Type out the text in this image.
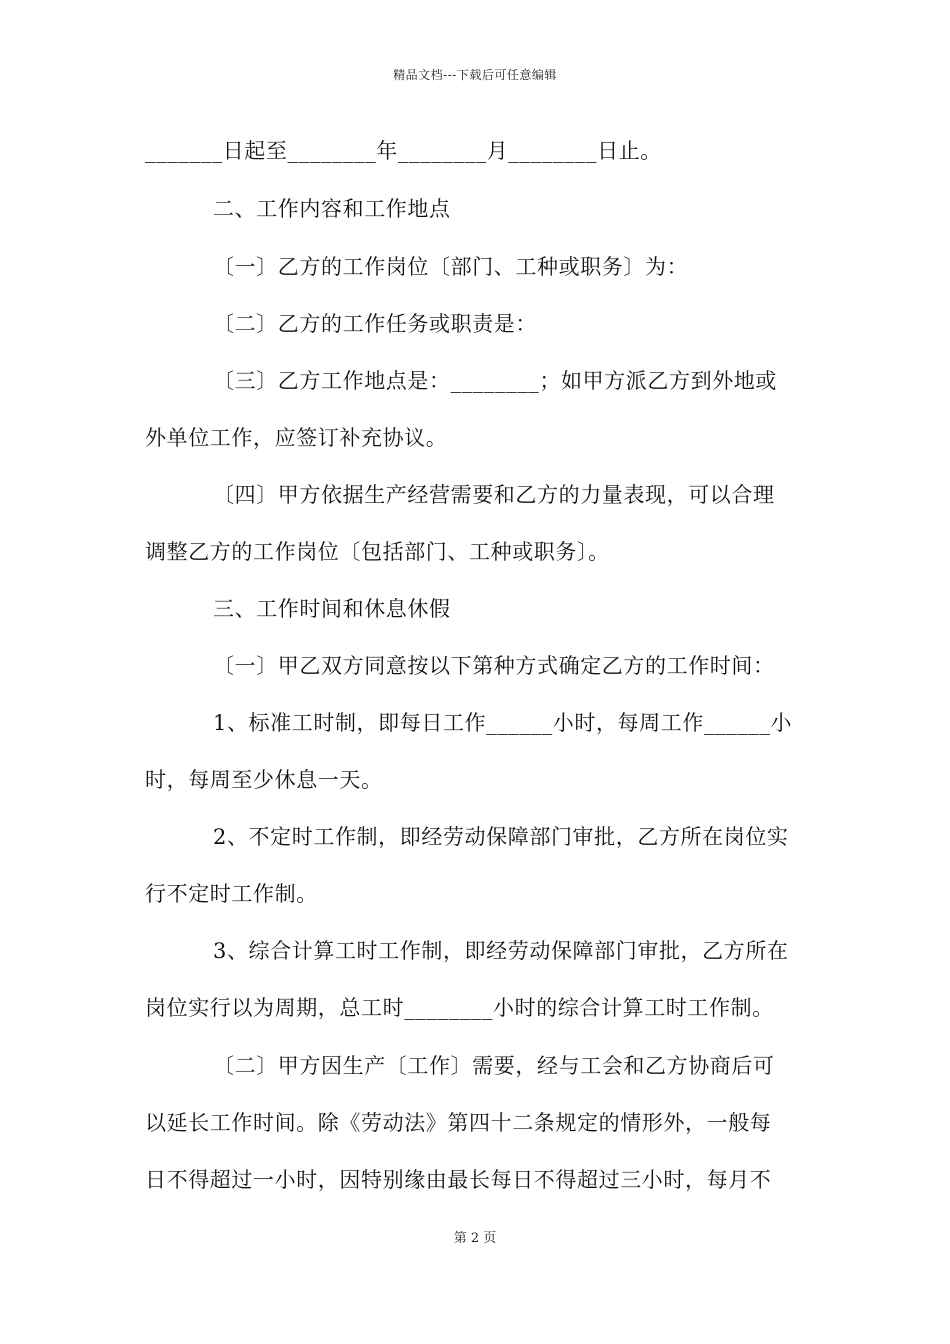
精品文档---下载后可任意编辑
_______日起至________年________月________日止。
二、工作内容和工作地点
〔一〕乙方的工作岗位〔部门、工种或职务〕为：
〔二〕乙方的工作任务或职责是：
〔三〕乙方工作地点是：________；如甲方派乙方到外地或
外单位工作，应签订补充协议。
〔四〕甲方依据生产经营需要和乙方的力量表现，可以合理
调整乙方的工作岗位〔包括部门、工种或职务〕。
三、工作时间和休息休假
〔一〕甲乙双方同意按以下第种方式确定乙方的工作时间：
1、标准工时制，即每日工作______小时，每周工作______小
时，每周至少休息一天。
2、不定时工作制，即经劳动保障部门审批，乙方所在岗位实
行不定时工作制。
3、综合计算工时工作制，即经劳动保障部门审批，乙方所在
岗位实行以为周期，总工时________小时的综合计算工时工作制。
〔二〕甲方因生产〔工作〕需要，经与工会和乙方协商后可
以延长工作时间。除《劳动法》第四十二条规定的情形外，一般每
日不得超过一小时，因特别缘由最长每日不得超过三小时，每月不
第 2 页
